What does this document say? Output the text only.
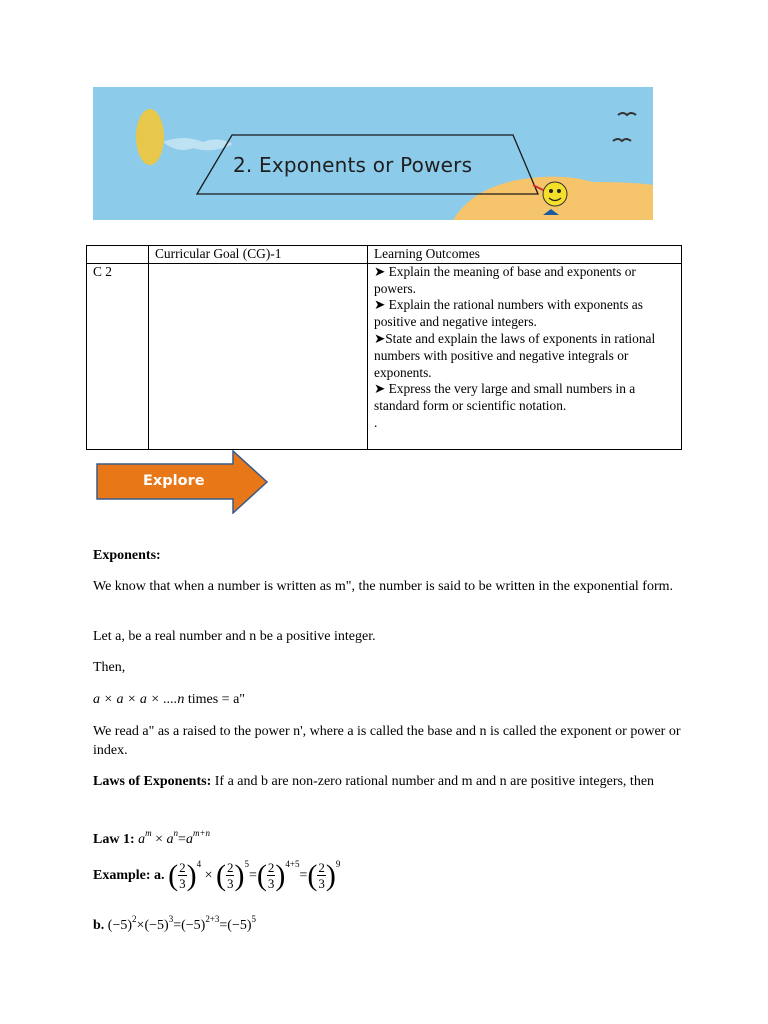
2. Exponents or Powers
	Curricular Goal (CG)-1	Learning Outcomes
C 2		➤ Explain the meaning of base and exponents or powers.
➤ Explain the rational numbers with exponents as positive and negative integers.
➤State and explain the laws of exponents in rational numbers with positive and negative integrals or exponents.
➤ Express the very large and small numbers in a standard form or scientific notation.
.
Explore
Exponents:
We know that when a number is written as m", the number is said to be written in the exponential form.
Let a, be a real number and n be a positive integer.
Then,
a × a × a × ....n times = a"
We read a" as a raised to the power n', where a is called the base and n is called the exponent or power or index.
Laws of Exponents: If a and b are non-zero rational number and m and n are positive integers, then
Law 1: $a^m \times a^n=a^{m+n}$
Example: a. ( $\frac{2}{3} )^4$ × ( $\frac{2}{3} )^5=( \frac{2}{3} )^{4+5}=( \frac{2}{3} )^9$
b. $(-5)^2\times(-5)^3=(-5)^{2+3}=(-5)^5$
